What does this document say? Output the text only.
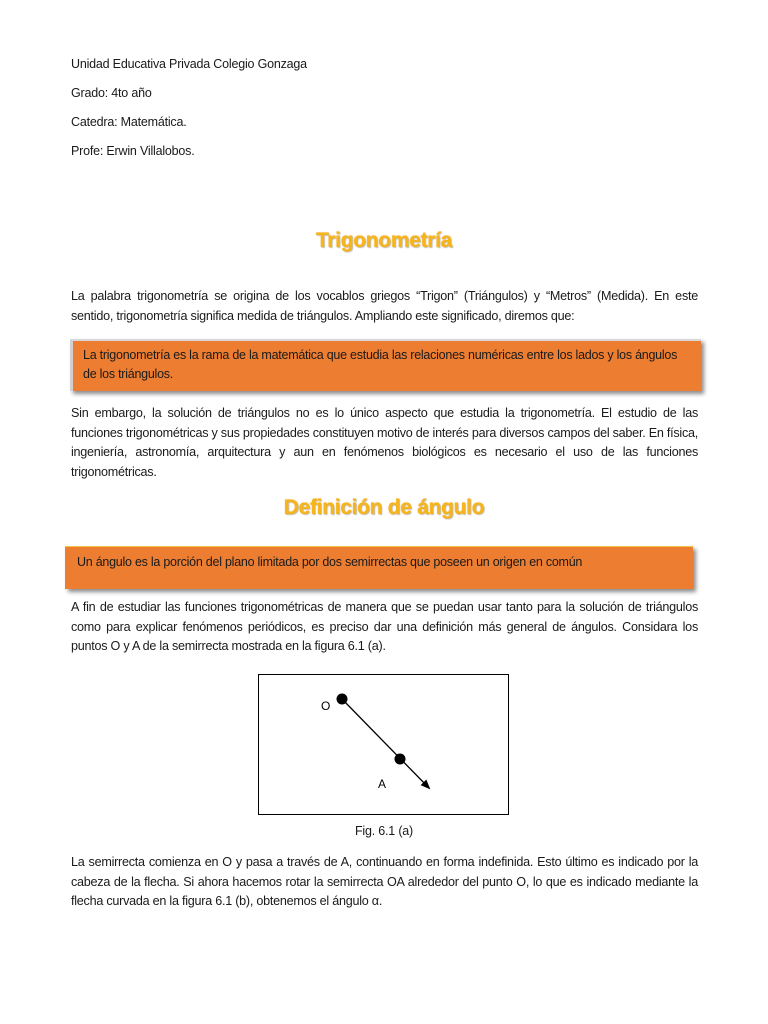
Unidad Educativa Privada Colegio Gonzaga
Grado: 4to año
Catedra: Matemática.
Profe: Erwin Villalobos.
Trigonometría
La palabra trigonometría se origina de los vocablos griegos “Trigon” (Triángulos) y “Metros” (Medida). En este sentido, trigonometría significa medida de triángulos. Ampliando este significado, diremos que:
La trigonometría es la rama de la matemática que estudia las relaciones numéricas entre los lados y los ángulos de los triángulos.
Sin embargo, la solución de triángulos no es lo único aspecto que estudia la trigonometría. El estudio de las funciones trigonométricas y sus propiedades constituyen motivo de interés para diversos campos del saber. En física, ingeniería, astronomía, arquitectura y aun en fenómenos biológicos es necesario el uso de las funciones trigonométricas.
Definición de ángulo
Un ángulo es la porción del plano limitada por dos semirrectas que poseen un origen en común
A fin de estudiar las funciones trigonométricas de manera que se puedan usar tanto para la solución de triángulos como para explicar fenómenos periódicos, es preciso dar una definición más general de ángulos. Considara los puntos O y A de la semirrecta mostrada en la figura 6.1 (a).
O
A
Fig. 6.1 (a)
La semirrecta comienza en O y pasa a través de A, continuando en forma indefinida. Esto último es indicado por la cabeza de la flecha. Si ahora hacemos rotar la semirrecta OA alrededor del punto O, lo que es indicado mediante la flecha curvada en la figura 6.1 (b), obtenemos el ángulo α.
